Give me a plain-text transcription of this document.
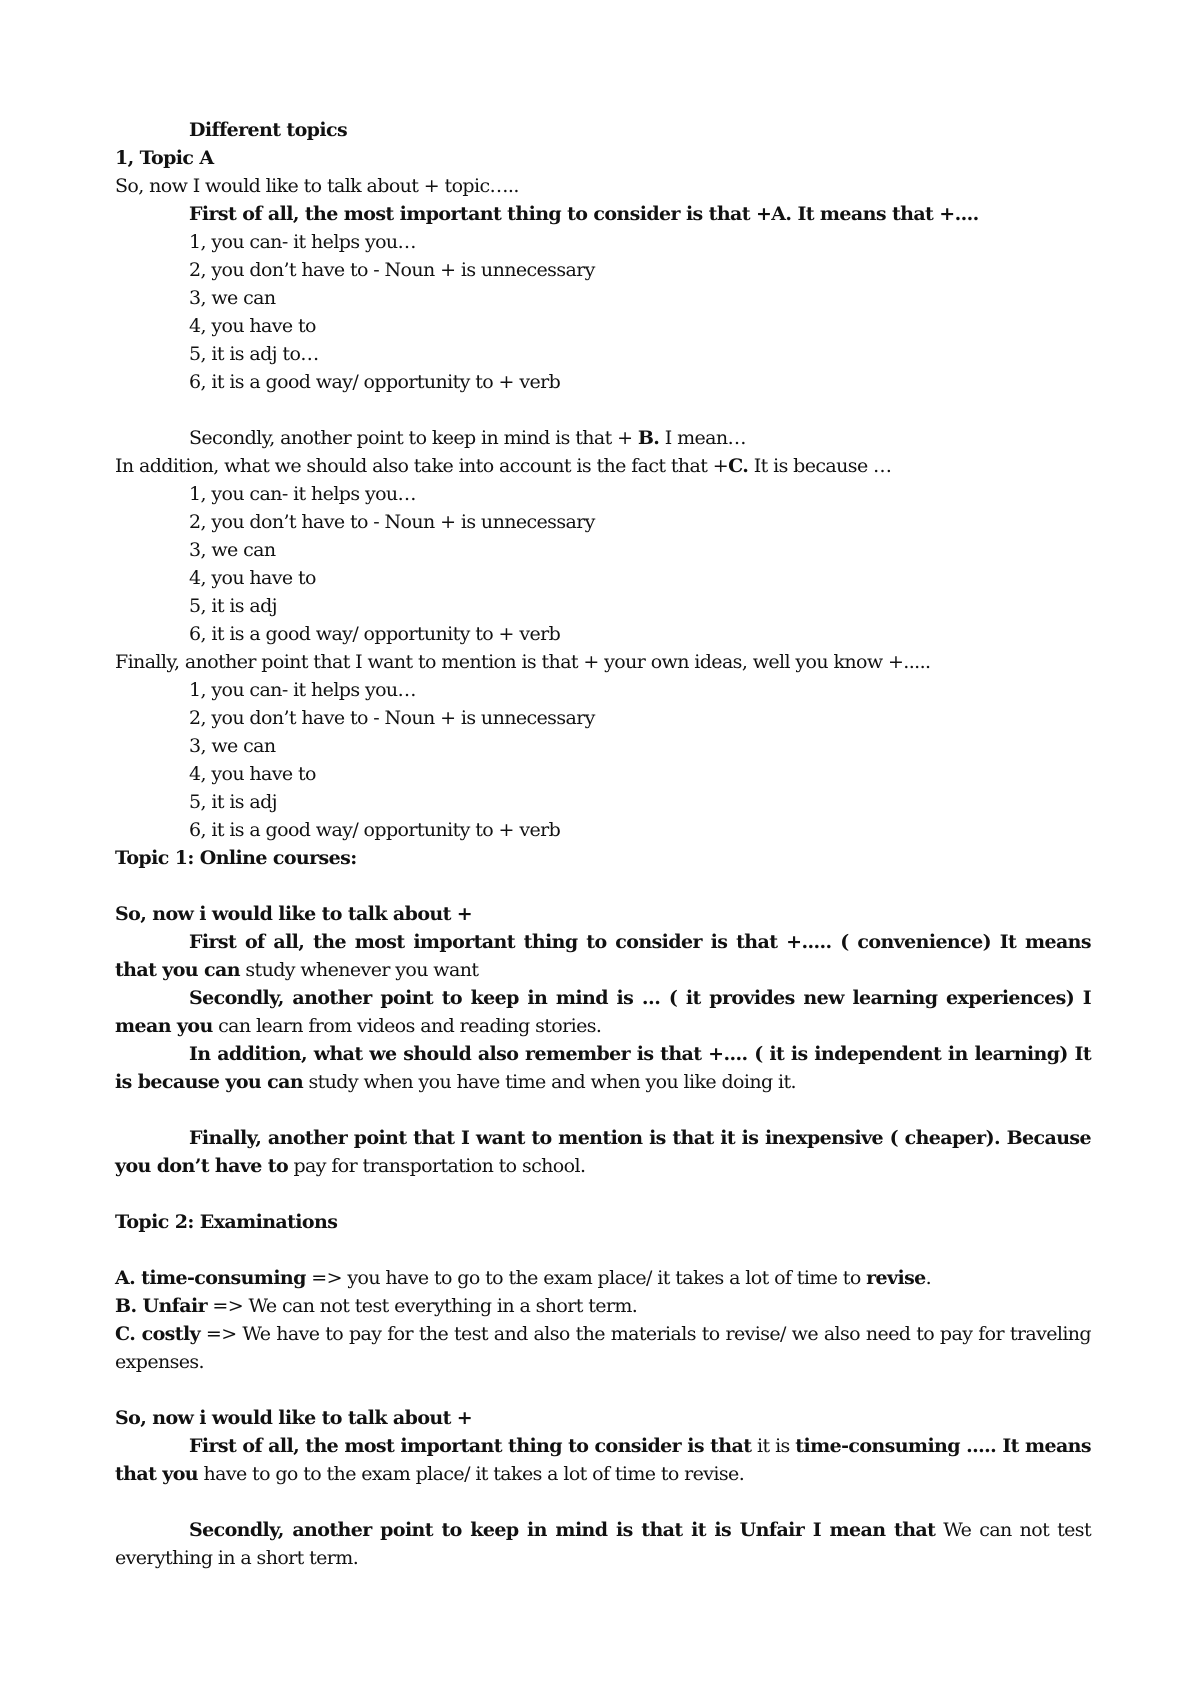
Different topics
1, Topic A
So, now I would like to talk about + topic…..
First of all, the most important thing to consider is that +A. It means that +....
1, you can- it helps you…
2, you don’t have to - Noun + is unnecessary
3, we can
4, you have to
5, it is adj to…
6, it is a good way/ opportunity to + verb
Secondly, another point to keep in mind is that + B. I mean…
In addition, what we should also take into account is the fact that +C. It is because …
1, you can- it helps you…
2, you don’t have to - Noun + is unnecessary
3, we can
4, you have to
5, it is adj
6, it is a good way/ opportunity to + verb
Finally, another point that I want to mention is that + your own ideas, well you know +.....
1, you can- it helps you…
2, you don’t have to - Noun + is unnecessary
3, we can
4, you have to
5, it is adj
6, it is a good way/ opportunity to + verb
Topic 1: Online courses:
So, now i would like to talk about +
First of all, the most important thing to consider is that +..... ( convenience) It means that you can study whenever you want
Secondly, another point to keep in mind is … ( it provides new learning experiences) I mean you can learn from videos and reading stories.
In addition, what we should also remember is that +.... ( it is independent in learning) It is because you can study when you have time and when you like doing it.
Finally, another point that I want to mention is that it is inexpensive ( cheaper). Because you don’t have to pay for transportation to school.
Topic 2: Examinations
A. time-consuming => you have to go to the exam place/ it takes a lot of time to revise.
B. Unfair => We can not test everything in a short term.
C. costly => We have to pay for the test and also the materials to revise/ we also need to pay for traveling expenses.
So, now i would like to talk about +
First of all, the most important thing to consider is that it is time-consuming ..... It means that you have to go to the exam place/ it takes a lot of time to revise.
Secondly, another point to keep in mind is that it is Unfair I mean that We can not test everything in a short term.
